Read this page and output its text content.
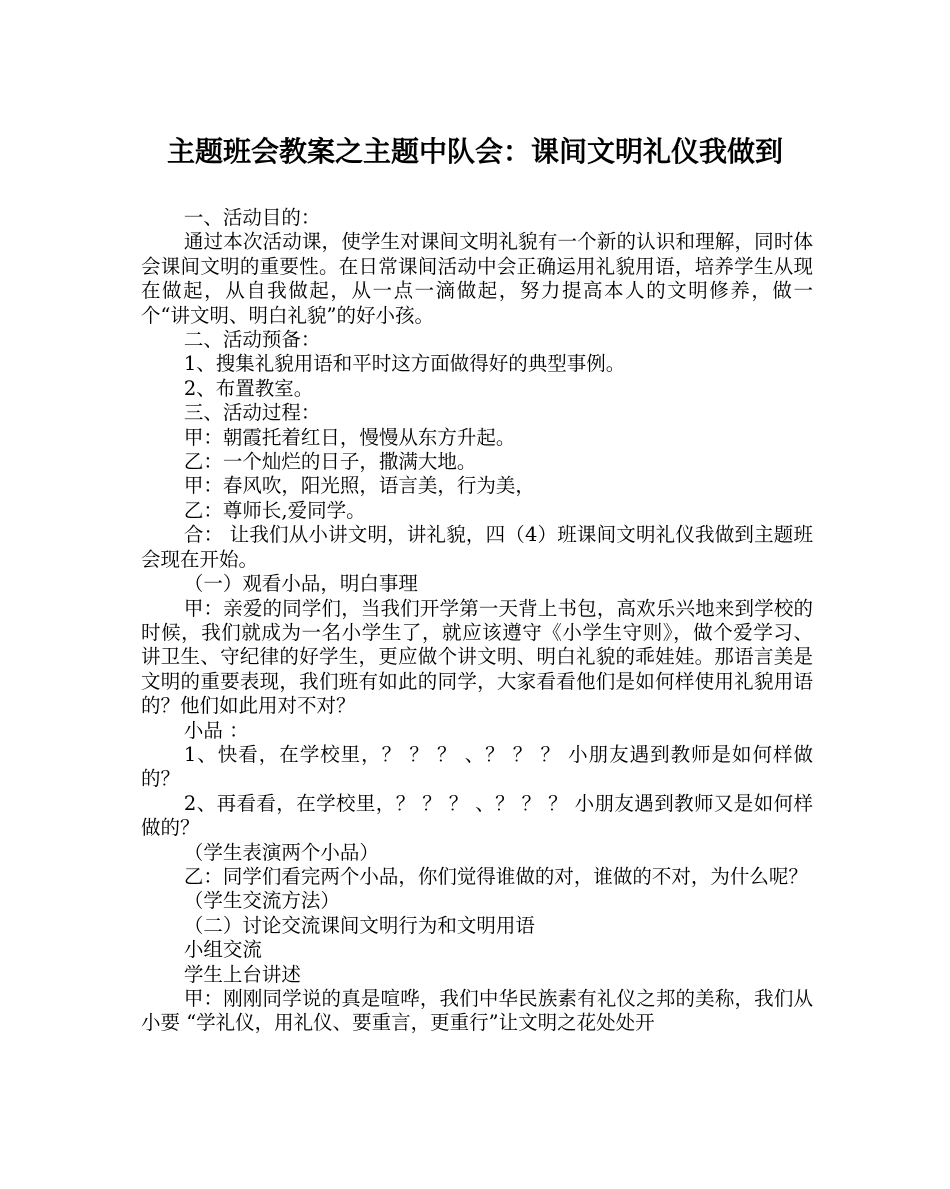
主题班会教案之主题中队会：课间文明礼仪我做到

一、活动目的：

通过本次活动课，使学生对课间文明礼貌有一个新的认识和理解，同时体会课间文明的重要性。在日常课间活动中会正确运用礼貌用语，培养学生从现在做起，从自我做起，从一点一滴做起，努力提高本人的文明修养，做一个“讲文明、明白礼貌”的好小孩。

二、活动预备：

1、搜集礼貌用语和平时这方面做得好的典型事例。

2、布置教室。

三、活动过程：

甲：朝霞托着红日，慢慢从东方升起。

乙：一个灿烂的日子，撒满大地。

甲：春风吹，阳光照，语言美，行为美，

乙：尊师长,爱同学。

合： 让我们从小讲文明，讲礼貌，四（4）班课间文明礼仪我做到主题班会现在开始。

（一）观看小品，明白事理

甲：亲爱的同学们，当我们开学第一天背上书包，高欢乐兴地来到学校的时候，我们就成为一名小学生了，就应该遵守《小学生守则》，做个爱学习、讲卫生、守纪律的好学生，更应做个讲文明、明白礼貌的乖娃娃。那语言美是文明的重要表现，我们班有如此的同学，大家看看他们是如何样使用礼貌用语的？他们如此用对不对？

小品 ：

1、快看，在学校里，？ ？ ？ 、？ ？ ？ 小朋友遇到教师是如何样做的？

2、再看看，在学校里，？ ？ ？ 、？ ？ ？ 小朋友遇到教师又是如何样做的？

（学生表演两个小品）

乙：同学们看完两个小品，你们觉得谁做的对，谁做的不对，为什么呢？

（学生交流方法）

（二）讨论交流课间文明行为和文明用语

小组交流

学生上台讲述

甲：刚刚同学说的真是喧哗，我们中华民族素有礼仪之邦的美称，我们从小要 “学礼仪，用礼仪、要重言，更重行”让文明之花处处开
